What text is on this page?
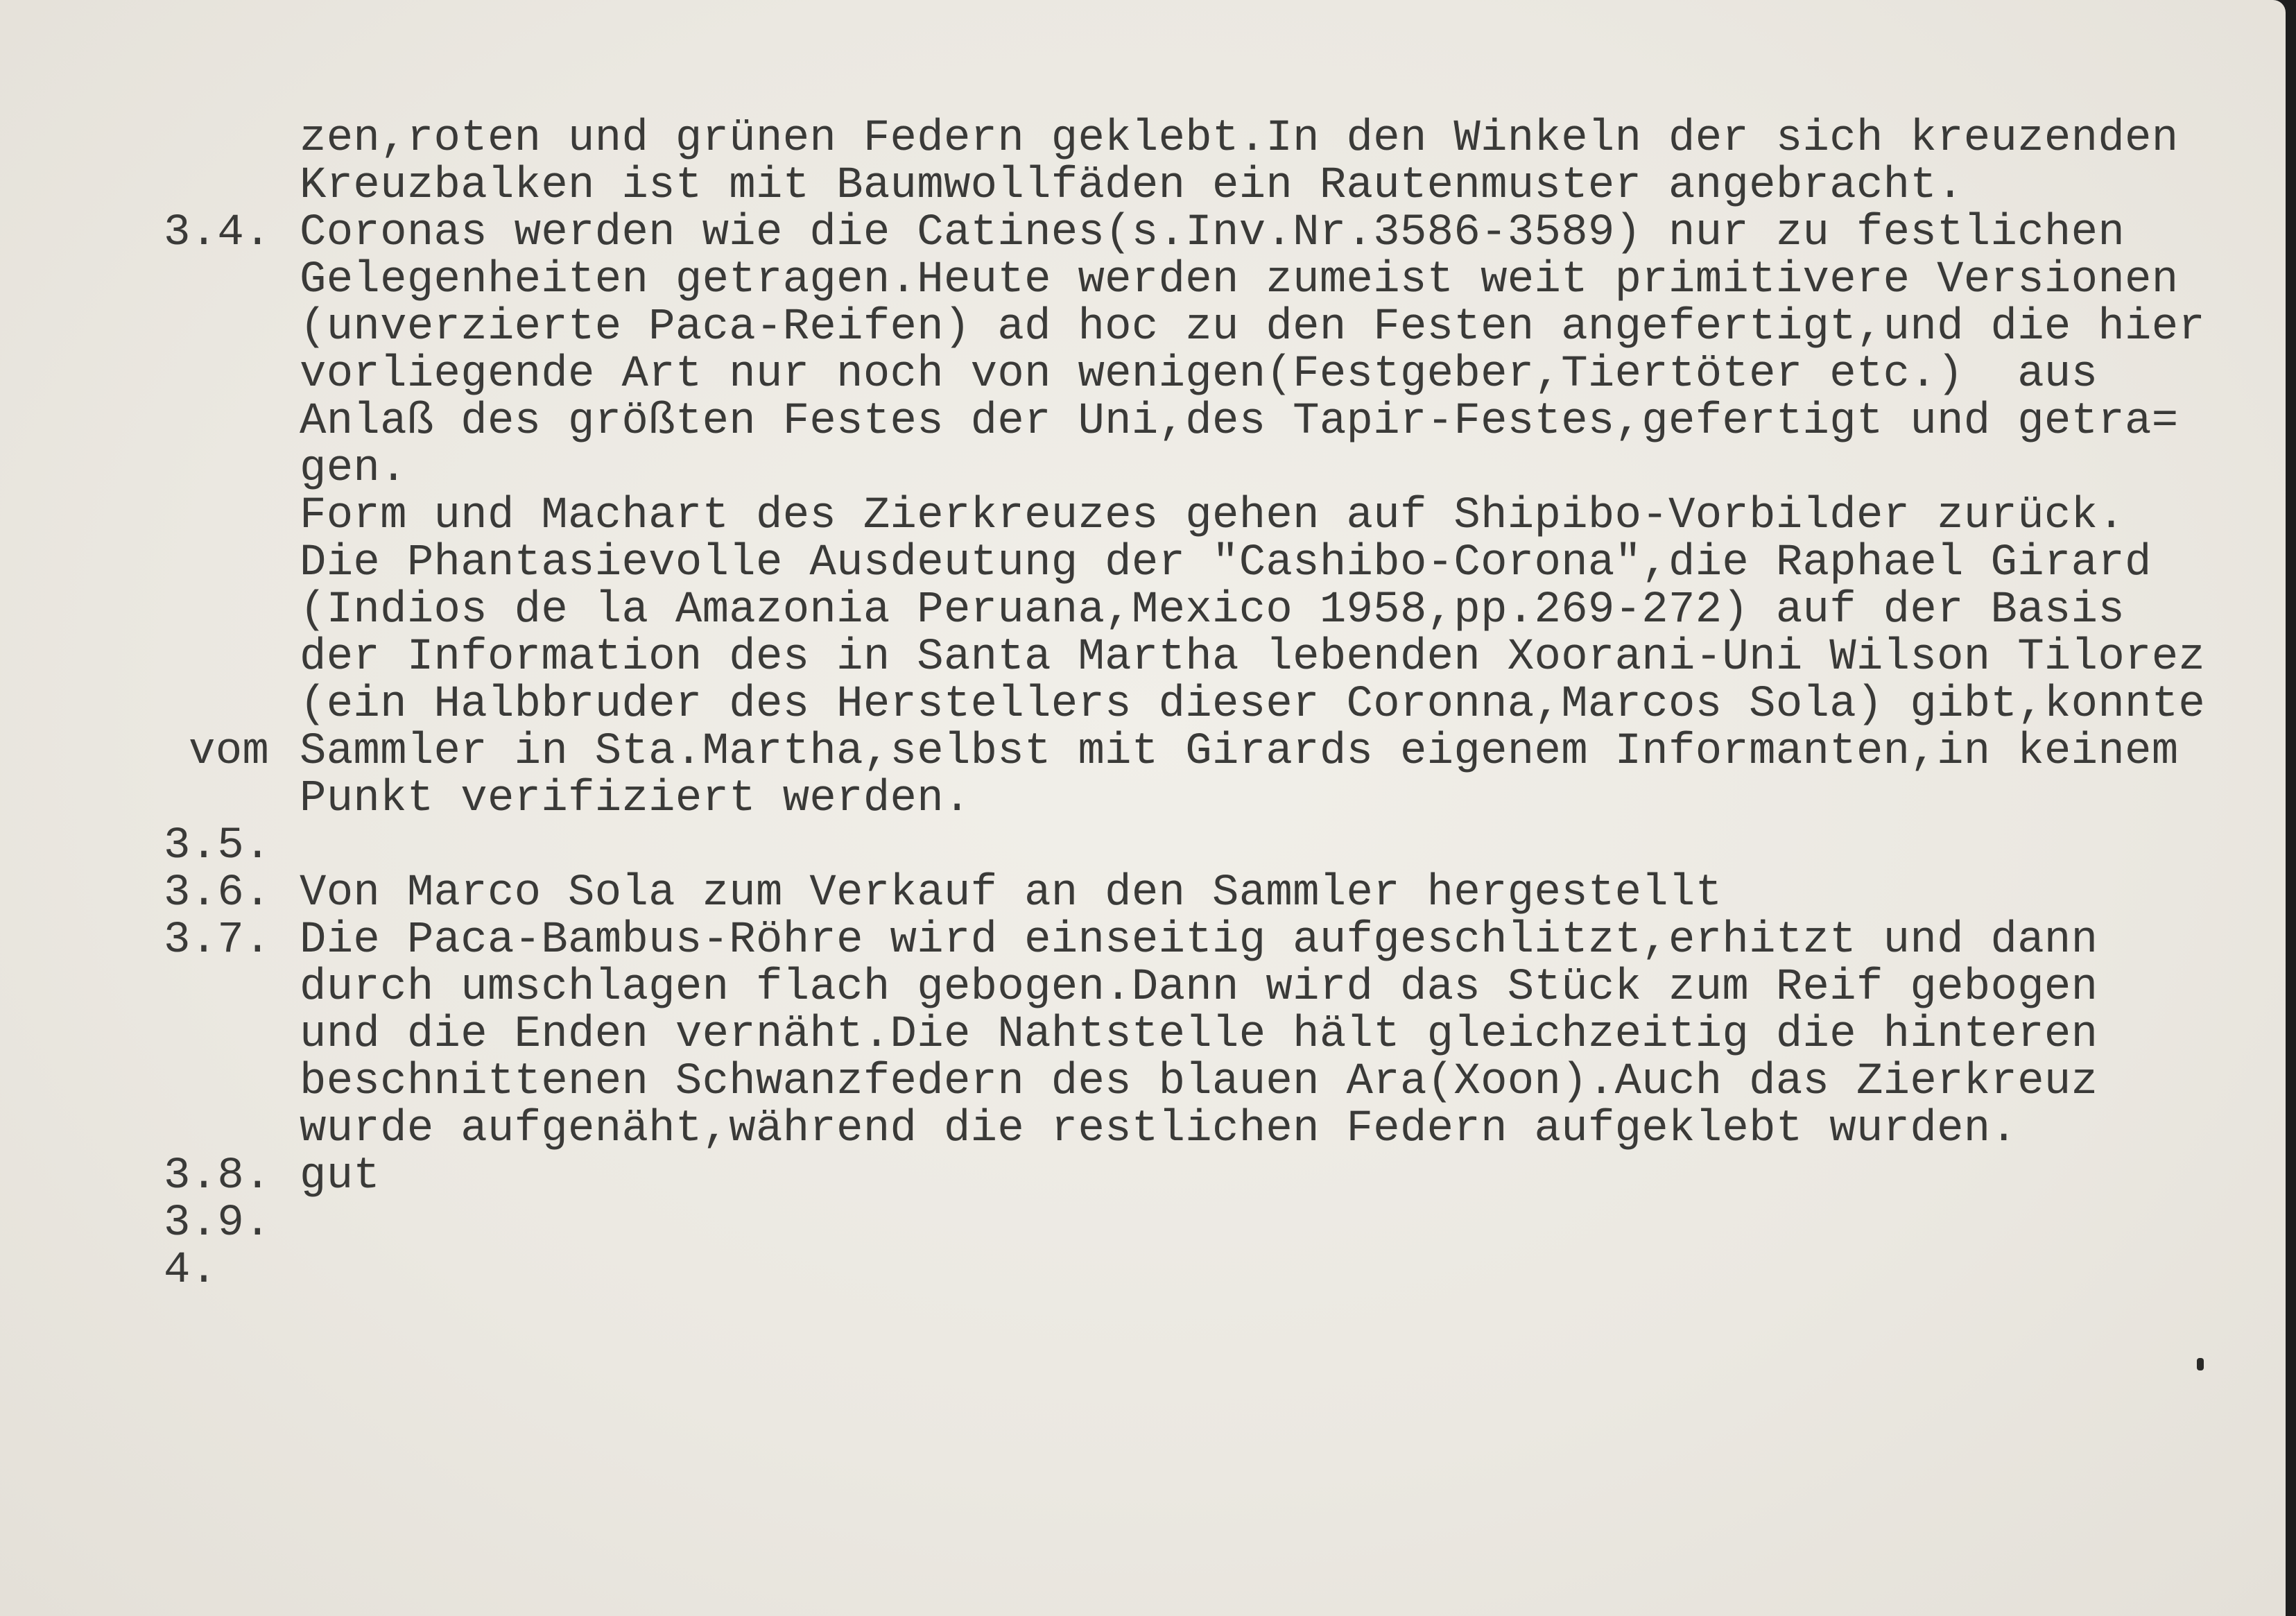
zen,roten und grünen Federn geklebt.In den Winkeln der sich kreuzenden

Kreuzbalken ist mit Baumwollfäden ein Rautenmuster angebracht.

3.4.

Coronas werden wie die Catines(s.Inv.Nr.3586-3589) nur zu festlichen

Gelegenheiten getragen.Heute werden zumeist weit primitivere Versionen

(unverzierte Paca-Reifen) ad hoc zu den Festen angefertigt,und die hier

vorliegende Art nur noch von wenigen(Festgeber,Tiertöter etc.)  aus

Anlaß des größten Festes der Uni,des Tapir-Festes,gefertigt und getra=

gen.

Form und Machart des Zierkreuzes gehen auf Shipibo-Vorbilder zurück.

Die Phantasievolle Ausdeutung der "Cashibo-Corona",die Raphael Girard

(Indios de la Amazonia Peruana,Mexico 1958,pp.269-272) auf der Basis

der Information des in Santa Martha lebenden Xoorani-Uni Wilson Tilorez

(ein Halbbruder des Herstellers dieser Coronna,Marcos Sola) gibt,konnte

vom

Sammler in Sta.Martha,selbst mit Girards eigenem Informanten,in keinem

Punkt verifiziert werden.

3.5.

3.6.

Von Marco Sola zum Verkauf an den Sammler hergestellt

3.7.

Die Paca-Bambus-Röhre wird einseitig aufgeschlitzt,erhitzt und dann

durch umschlagen flach gebogen.Dann wird das Stück zum Reif gebogen

und die Enden vernäht.Die Nahtstelle hält gleichzeitig die hinteren

beschnittenen Schwanzfedern des blauen Ara(Xoon).Auch das Zierkreuz

wurde aufgenäht,während die restlichen Federn aufgeklebt wurden.

3.8.

gut

3.9.

4.
